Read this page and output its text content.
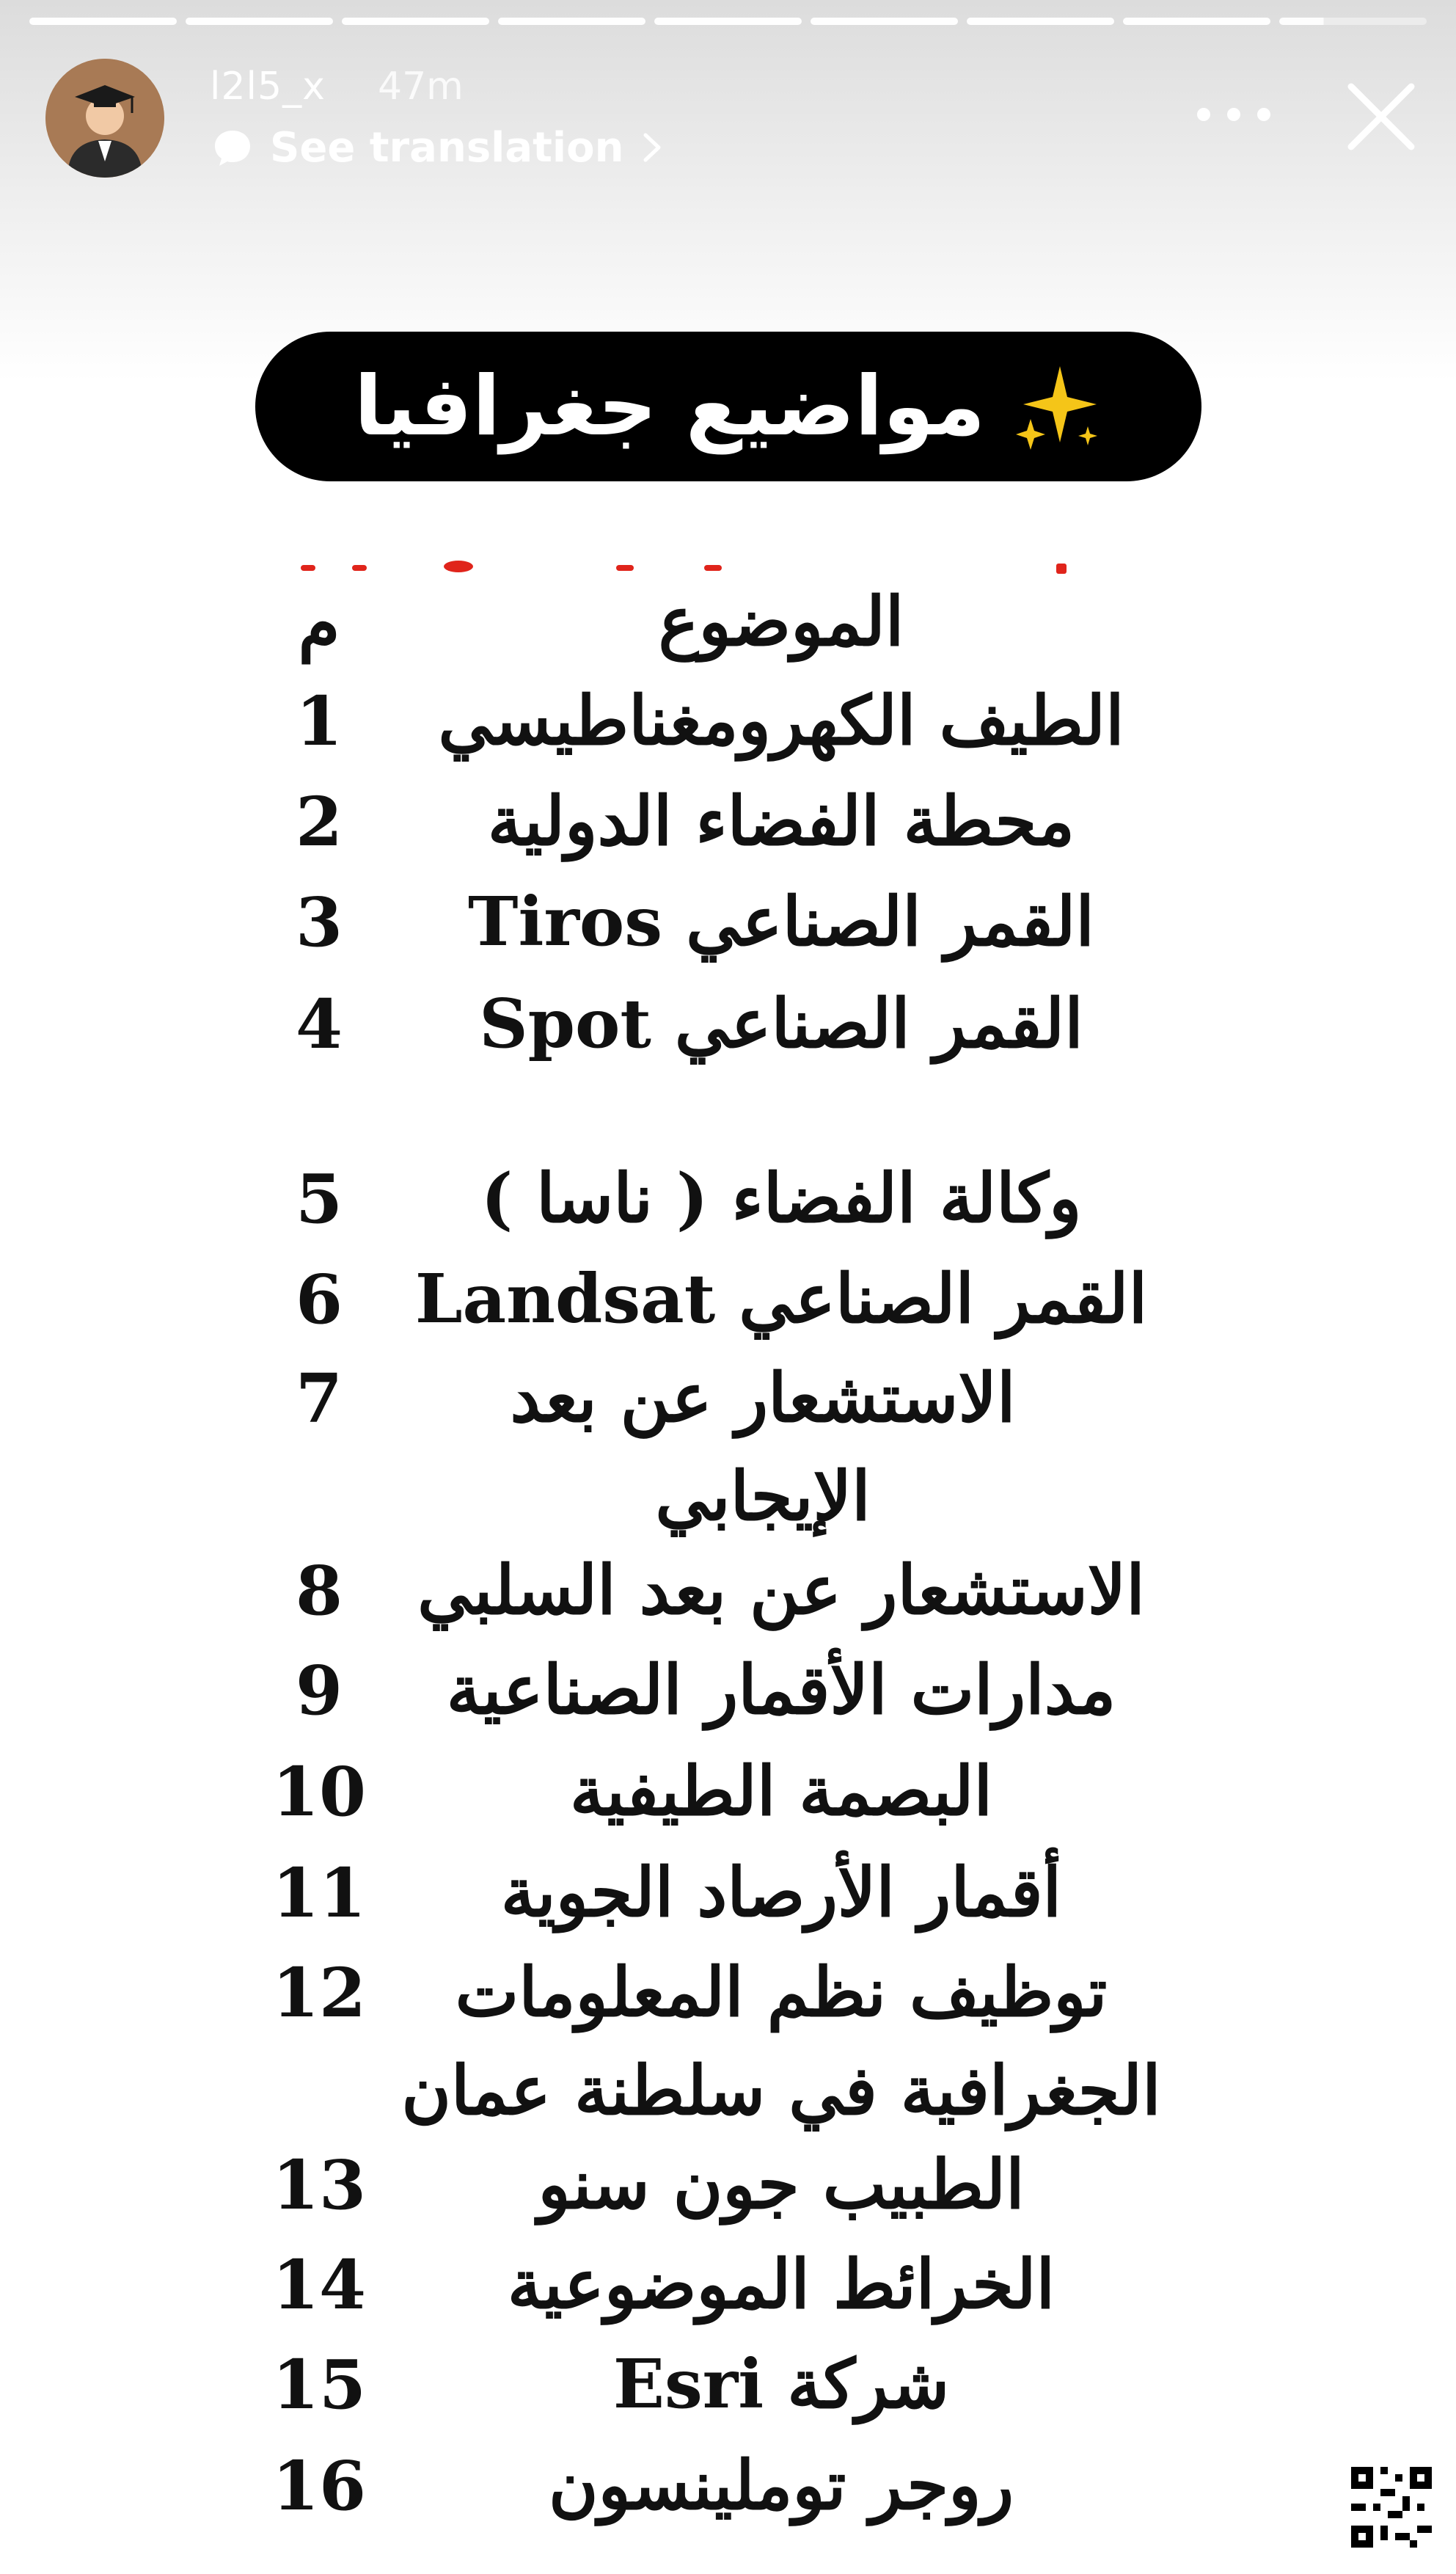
l2l5_x 47m
See translation
مواضيع جغرافيا
م	الموضوع
1	الطيف الكهرومغناطيسي
2	محطة الفضاء الدولية
3	القمر الصناعي Tiros
4	القمر الصناعي Spot
5	وكالة الفضاء ( ناسا )
6	القمر الصناعي Landsat
7	الاستشعار عن بعد الإيجابي
8	الاستشعار عن بعد السلبي
9	مدارات الأقمار الصناعية
10	البصمة الطيفية
11	أقمار الأرصاد الجوية
12	توظيف نظم المعلومات الجغرافية في سلطنة عمان
13	الطبيب جون سنو
14	الخرائط الموضوعية
15	شركة Esri
16	روجر توملينسون
